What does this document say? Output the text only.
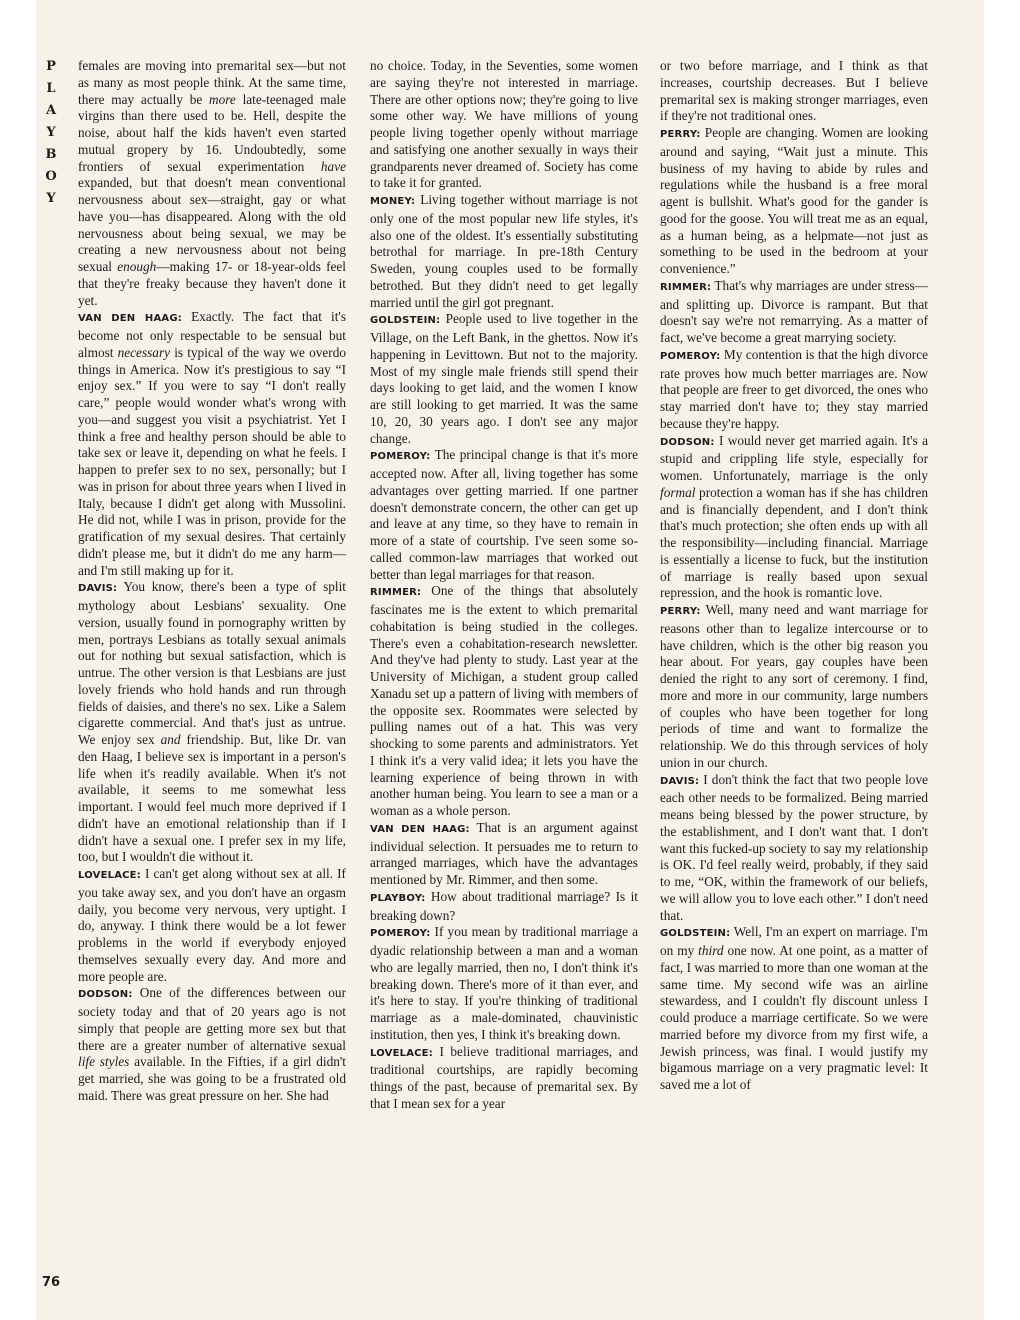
P
L
A
Y
B
O
Y

females are moving into premarital sex—but not as many as most people think. At the same time, there may actually be more late-teenaged male virgins than there used to be. Hell, despite the noise, about half the kids haven't even started mutual gropery by 16. Undoubtedly, some frontiers of sexual experimentation have expanded, but that doesn't mean conventional nervousness about sex—straight, gay or what have you—has disappeared. Along with the old nervousness about being sexual, we may be creating a new nervousness about not being sexual enough—making 17- or 18-year-olds feel that they're freaky because they haven't done it yet.

VAN DEN HAAG: Exactly. The fact that it's become not only respectable to be sensual but almost necessary is typical of the way we overdo things in America. Now it's prestigious to say “I enjoy sex.” If you were to say “I don't really care,” people would wonder what's wrong with you—and suggest you visit a psychiatrist. Yet I think a free and healthy person should be able to take sex or leave it, depending on what he feels. I happen to prefer sex to no sex, personally; but I was in prison for about three years when I lived in Italy, because I didn't get along with Mussolini. He did not, while I was in prison, provide for the gratification of my sexual desires. That certainly didn't please me, but it didn't do me any harm—and I'm still making up for it.

DAVIS: You know, there's been a type of split mythology about Lesbians' sexuality. One version, usually found in pornography written by men, portrays Lesbians as totally sexual animals out for nothing but sexual satisfaction, which is untrue. The other version is that Lesbians are just lovely friends who hold hands and run through fields of daisies, and there's no sex. Like a Salem cigarette commercial. And that's just as untrue. We enjoy sex and friendship. But, like Dr. van den Haag, I believe sex is important in a person's life when it's readily available. When it's not available, it seems to me somewhat less important. I would feel much more deprived if I didn't have an emotional relationship than if I didn't have a sexual one. I prefer sex in my life, too, but I wouldn't die without it.

LOVELACE: I can't get along without sex at all. If you take away sex, and you don't have an orgasm daily, you become very nervous, very uptight. I do, anyway. I think there would be a lot fewer problems in the world if everybody enjoyed themselves sexually every day. And more and more people are.

DODSON: One of the differences between our society today and that of 20 years ago is not simply that people are getting more sex but that there are a greater number of alternative sexual life styles available. In the Fifties, if a girl didn't get married, she was going to be a frustrated old maid. There was great pressure on her. She had

no choice. Today, in the Seventies, some women are saying they're not interested in marriage. There are other options now; they're going to live some other way. We have millions of young people living together openly without marriage and satisfying one another sexually in ways their grandparents never dreamed of. Society has come to take it for granted.

MONEY: Living together without marriage is not only one of the most popular new life styles, it's also one of the oldest. It's essentially substituting betrothal for marriage. In pre-18th Century Sweden, young couples used to be formally betrothed. But they didn't need to get legally married until the girl got pregnant.

GOLDSTEIN: People used to live together in the Village, on the Left Bank, in the ghettos. Now it's happening in Levittown. But not to the majority. Most of my single male friends still spend their days looking to get laid, and the women I know are still looking to get married. It was the same 10, 20, 30 years ago. I don't see any major change.

POMEROY: The principal change is that it's more accepted now. After all, living together has some advantages over getting married. If one partner doesn't demonstrate concern, the other can get up and leave at any time, so they have to remain in more of a state of courtship. I've seen some so-called common-law marriages that worked out better than legal marriages for that reason.

RIMMER: One of the things that absolutely fascinates me is the extent to which premarital cohabitation is being studied in the colleges. There's even a cohabitation-research newsletter. And they've had plenty to study. Last year at the University of Michigan, a student group called Xanadu set up a pattern of living with members of the opposite sex. Roommates were selected by pulling names out of a hat. This was very shocking to some parents and administrators. Yet I think it's a very valid idea; it lets you have the learning experience of being thrown in with another human being. You learn to see a man or a woman as a whole person.

VAN DEN HAAG: That is an argument against individual selection. It persuades me to return to arranged marriages, which have the advantages mentioned by Mr. Rimmer, and then some.

PLAYBOY: How about traditional marriage? Is it breaking down?

POMEROY: If you mean by traditional marriage a dyadic relationship between a man and a woman who are legally married, then no, I don't think it's breaking down. There's more of it than ever, and it's here to stay. If you're thinking of traditional marriage as a male-dominated, chauvinistic institution, then yes, I think it's breaking down.

LOVELACE: I believe traditional marriages, and traditional courtships, are rapidly becoming things of the past, because of premarital sex. By that I mean sex for a year

or two before marriage, and I think as that increases, courtship decreases. But I believe premarital sex is making stronger marriages, even if they're not traditional ones.

PERRY: People are changing. Women are looking around and saying, “Wait just a minute. This business of my having to abide by rules and regulations while the husband is a free moral agent is bullshit. What's good for the gander is good for the goose. You will treat me as an equal, as a human being, as a helpmate—not just as something to be used in the bedroom at your convenience.”

RIMMER: That's why marriages are under stress—and splitting up. Divorce is rampant. But that doesn't say we're not remarrying. As a matter of fact, we've become a great marrying society.

POMEROY: My contention is that the high divorce rate proves how much better marriages are. Now that people are freer to get divorced, the ones who stay married don't have to; they stay married because they're happy.

DODSON: I would never get married again. It's a stupid and crippling life style, especially for women. Unfortunately, marriage is the only formal protection a woman has if she has children and is financially dependent, and I don't think that's much protection; she often ends up with all the responsibility—including financial. Marriage is essentially a license to fuck, but the institution of marriage is really based upon sexual repression, and the hook is romantic love.

PERRY: Well, many need and want marriage for reasons other than to legalize intercourse or to have children, which is the other big reason you hear about. For years, gay couples have been denied the right to any sort of ceremony. I find, more and more in our community, large numbers of couples who have been together for long periods of time and want to formalize the relationship. We do this through services of holy union in our church.

DAVIS: I don't think the fact that two people love each other needs to be formalized. Being married means being blessed by the power structure, by the establishment, and I don't want that. I don't want this fucked-up society to say my relationship is OK. I'd feel really weird, probably, if they said to me, “OK, within the framework of our beliefs, we will allow you to love each other.” I don't need that.

GOLDSTEIN: Well, I'm an expert on marriage. I'm on my third one now. At one point, as a matter of fact, I was married to more than one woman at the same time. My second wife was an airline stewardess, and I couldn't fly discount unless I could produce a marriage certificate. So we were married before my divorce from my first wife, a Jewish princess, was final. I would justify my bigamous marriage on a very pragmatic level: It saved me a lot of

76
